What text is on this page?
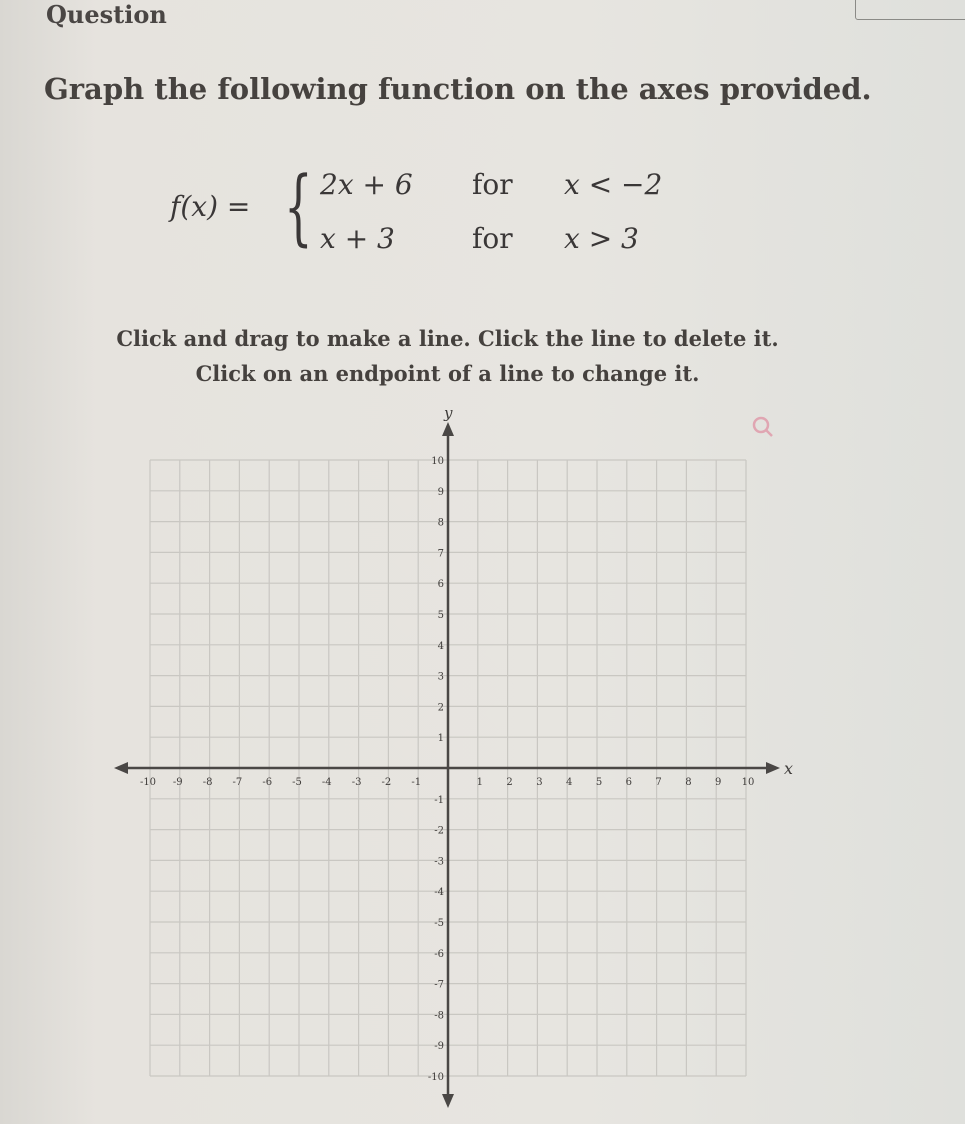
Question
Graph the following function on the axes provided.
f(x) = { 2x + 6 for x < −2
x + 3	for x > 3
Click and drag to make a line. Click the line to delete it.
Click on an endpoint of a line to change it.
-10 -9 -8 -7 -6 -5 -4 -3 -2 -1	1 2 3 4 5 6 7 8 9 10
-10
-9
-8
-7
-6
-5
-4
-3
-2
-1
1
2
3
4
5
6
7
8
9
10
x
y
